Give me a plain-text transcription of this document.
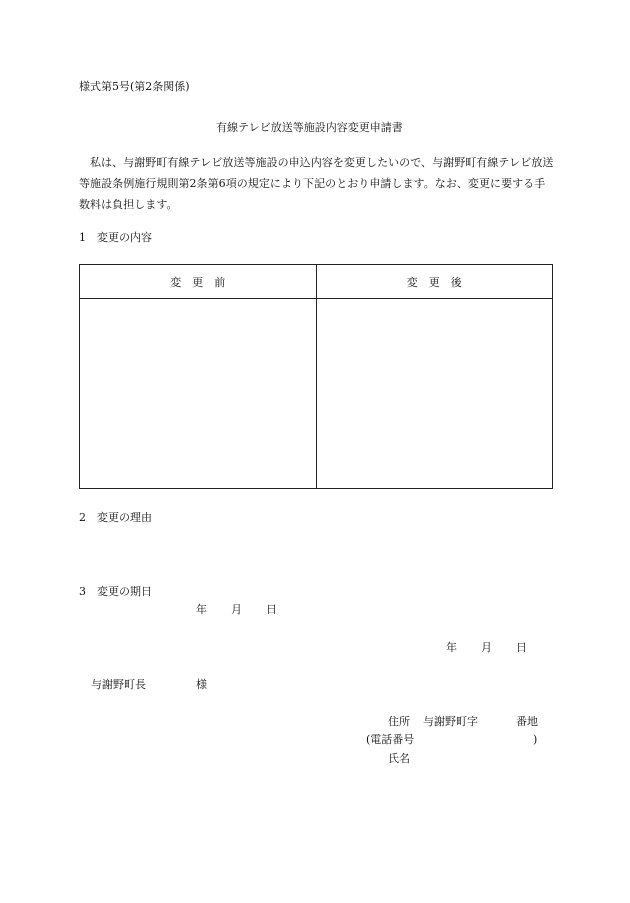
様式第5号(第2条関係)
有線テレビ放送等施設内容変更申請書
私は、与謝野町有線テレビ放送等施設の申込内容を変更したいので、与謝野町有線テレビ放送等施設条例施行規則第2条第6項の規定により下記のとおり申請します。なお、変更に要する手数料は負担します。
1　変更の内容
変　更　前	変　更　後

2　変更の理由
3　変更の期日
年 月 日
年 月 日
与謝野町長	様
住所 与謝野町字	番地
(電話番号	)
氏名
